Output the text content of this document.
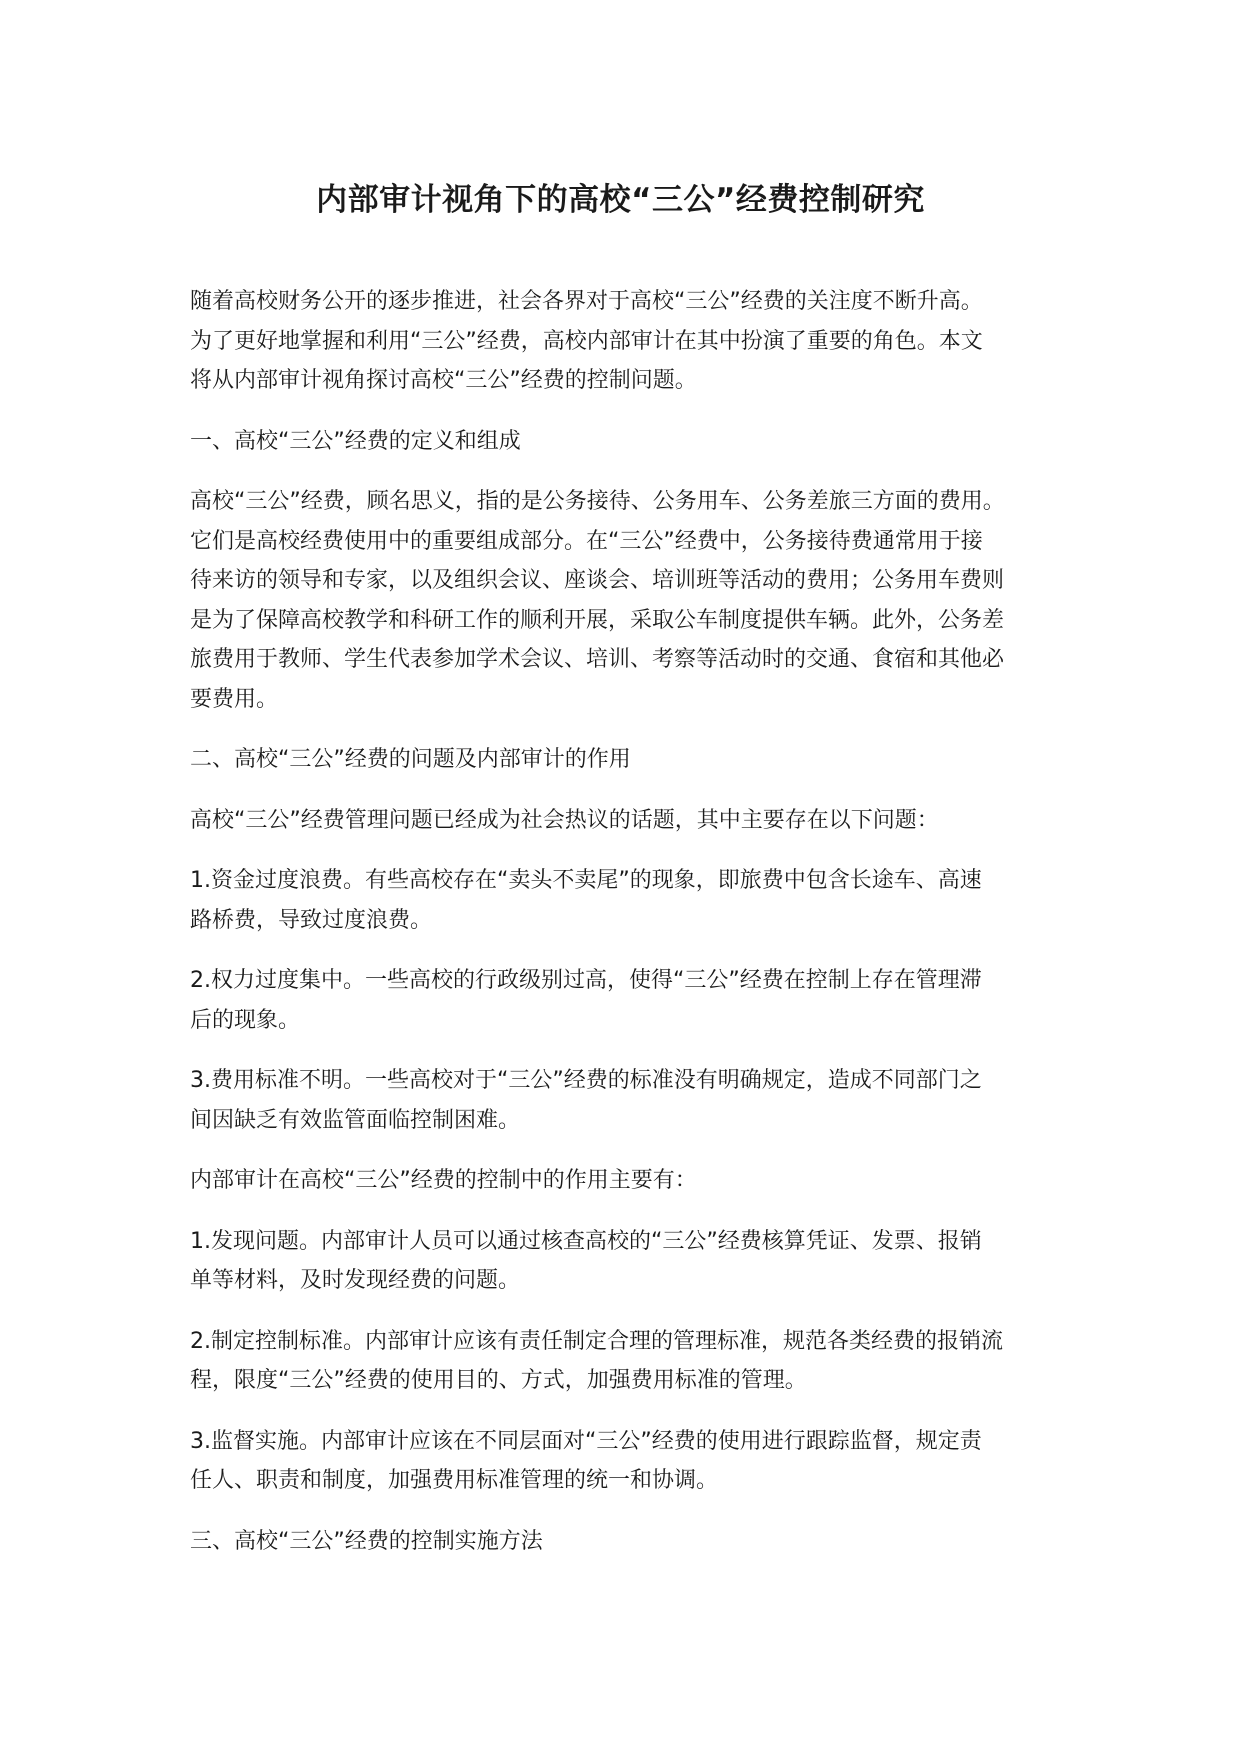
内部审计视角下的高校“三公”经费控制研究

随着高校财务公开的逐步推进，社会各界对于高校“三公”经费的关注度不断升高。
为了更好地掌握和利用“三公”经费，高校内部审计在其中扮演了重要的角色。本文
将从内部审计视角探讨高校“三公”经费的控制问题。

一、高校“三公”经费的定义和组成

高校“三公”经费，顾名思义，指的是公务接待、公务用车、公务差旅三方面的费用。
它们是高校经费使用中的重要组成部分。在“三公”经费中，公务接待费通常用于接
待来访的领导和专家，以及组织会议、座谈会、培训班等活动的费用；公务用车费则
是为了保障高校教学和科研工作的顺利开展，采取公车制度提供车辆。此外，公务差
旅费用于教师、学生代表参加学术会议、培训、考察等活动时的交通、食宿和其他必
要费用。

二、高校“三公”经费的问题及内部审计的作用

高校“三公”经费管理问题已经成为社会热议的话题，其中主要存在以下问题：

1.资金过度浪费。有些高校存在“卖头不卖尾”的现象，即旅费中包含长途车、高速
路桥费，导致过度浪费。

2.权力过度集中。一些高校的行政级别过高，使得“三公”经费在控制上存在管理滞
后的现象。

3.费用标准不明。一些高校对于“三公”经费的标准没有明确规定，造成不同部门之
间因缺乏有效监管面临控制困难。

内部审计在高校“三公”经费的控制中的作用主要有：

1.发现问题。内部审计人员可以通过核查高校的“三公”经费核算凭证、发票、报销
单等材料，及时发现经费的问题。

2.制定控制标准。内部审计应该有责任制定合理的管理标准，规范各类经费的报销流
程，限度“三公”经费的使用目的、方式，加强费用标准的管理。

3.监督实施。内部审计应该在不同层面对“三公”经费的使用进行跟踪监督，规定责
任人、职责和制度，加强费用标准管理的统一和协调。

三、高校“三公”经费的控制实施方法
